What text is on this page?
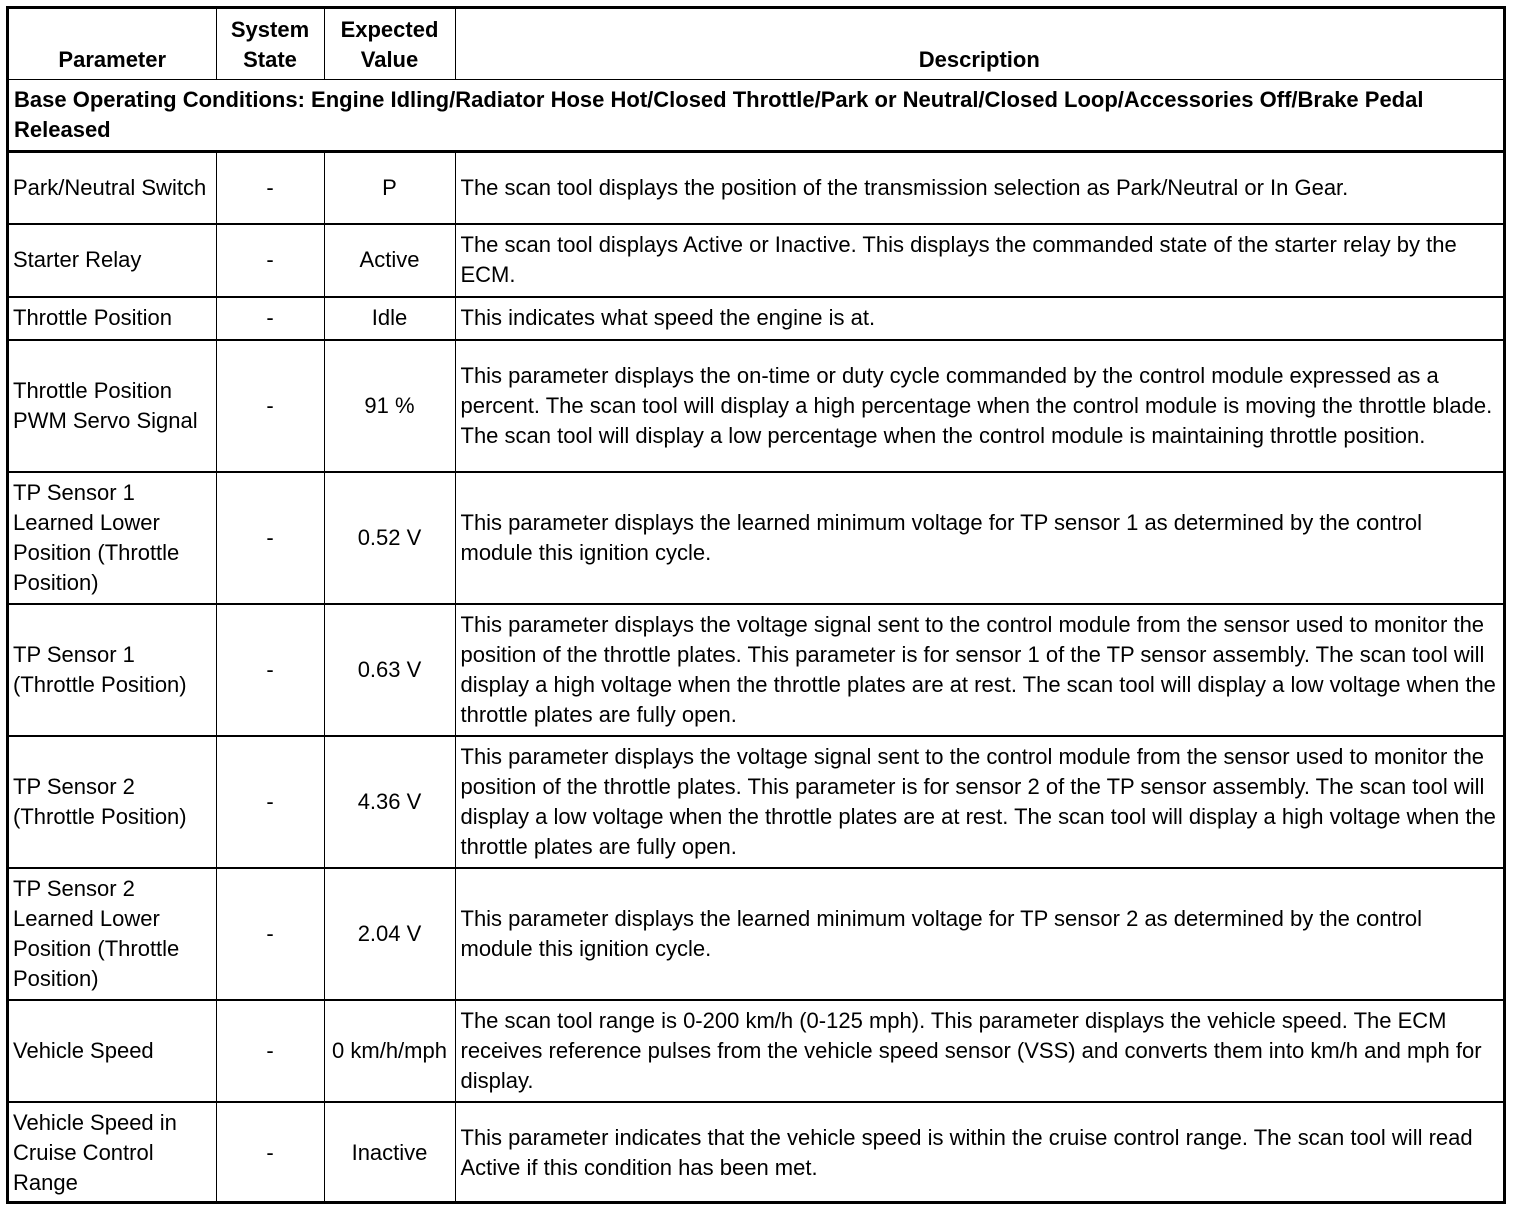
Parameter	System State	Expected Value	Description
Base Operating Conditions: Engine Idling/Radiator Hose Hot/Closed Throttle/Park or Neutral/Closed Loop/Accessories Off/Brake Pedal Released			
Park/Neutral Switch	-	P	The scan tool displays the position of the transmission selection as Park/Neutral or In Gear.
Starter Relay	-	Active	The scan tool displays Active or Inactive. This displays the commanded state of the starter relay by the ECM.
Throttle Position	-	Idle	This indicates what speed the engine is at.
Throttle Position PWM Servo Signal	-	91 %	This parameter displays the on-time or duty cycle commanded by the control module expressed as a percent. The scan tool will display a high percentage when the control module is moving the throttle blade. The scan tool will display a low percentage when the control module is maintaining throttle position.
TP Sensor 1 Learned Lower Position (Throttle Position)	-	0.52 V	This parameter displays the learned minimum voltage for TP sensor 1 as determined by the control module this ignition cycle.
TP Sensor 1 (Throttle Position)	-	0.63 V	This parameter displays the voltage signal sent to the control module from the sensor used to monitor the position of the throttle plates. This parameter is for sensor 1 of the TP sensor assembly. The scan tool will display a high voltage when the throttle plates are at rest. The scan tool will display a low voltage when the throttle plates are fully open.
TP Sensor 2 (Throttle Position)	-	4.36 V	This parameter displays the voltage signal sent to the control module from the sensor used to monitor the position of the throttle plates. This parameter is for sensor 2 of the TP sensor assembly. The scan tool will display a low voltage when the throttle plates are at rest. The scan tool will display a high voltage when the throttle plates are fully open.
TP Sensor 2 Learned Lower Position (Throttle Position)	-	2.04 V	This parameter displays the learned minimum voltage for TP sensor 2 as determined by the control module this ignition cycle.
Vehicle Speed	-	0 km/h/mph	The scan tool range is 0-200 km/h (0-125 mph). This parameter displays the vehicle speed. The ECM receives reference pulses from the vehicle speed sensor (VSS) and converts them into km/h and mph for display.
Vehicle Speed in Cruise Control Range	-	Inactive	This parameter indicates that the vehicle speed is within the cruise control range. The scan tool will read Active if this condition has been met.
